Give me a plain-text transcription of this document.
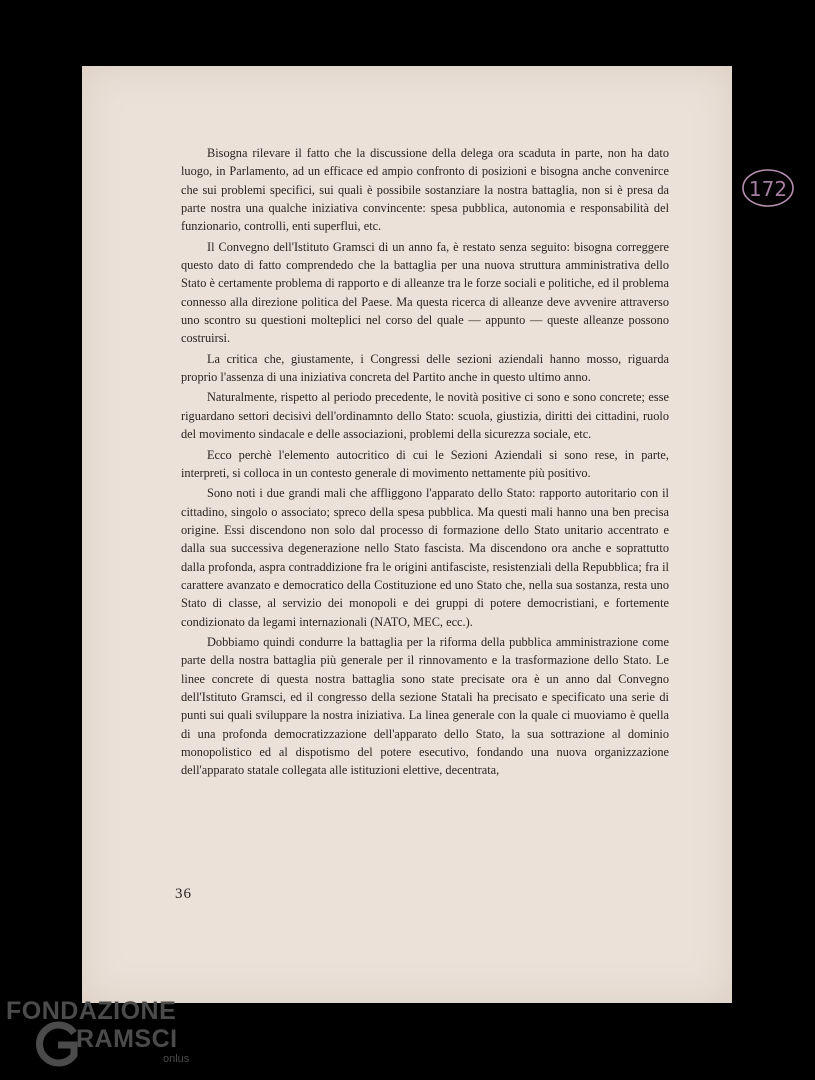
172

Bisogna rilevare il fatto che la discussione della delega ora scaduta in parte, non ha dato luogo, in Parlamento, ad un efficace ed ampio confronto di posizioni e bisogna anche convenirce che sui problemi specifici, sui quali è possibile sostanziare la nostra battaglia, non si è presa da parte nostra una qualche iniziativa convincente: spesa pubblica, autonomia e responsabilità del funzionario, controlli, enti superflui, etc.

Il Convegno dell'Istituto Gramsci di un anno fa, è restato senza seguito: bisogna correggere questo dato di fatto comprendedo che la battaglia per una nuova struttura amministrativa dello Stato è certamente problema di rapporto e di alleanze tra le forze sociali e politiche, ed il problema connesso alla direzione politica del Paese. Ma questa ricerca di alleanze deve avvenire attraverso uno scontro su questioni molteplici nel corso del quale — appunto — queste alleanze possono costruirsi.

La critica che, giustamente, i Congressi delle sezioni aziendali hanno mosso, riguarda proprio l'assenza di una iniziativa concreta del Partito anche in questo ultimo anno.

Naturalmente, rispetto al periodo precedente, le novità positive ci sono e sono concrete; esse riguardano settori decisivi dell'ordinamnto dello Stato: scuola, giustizia, diritti dei cittadini, ruolo del movimento sindacale e delle associazioni, problemi della sicurezza sociale, etc.

Ecco perchè l'elemento autocritico di cui le Sezioni Aziendali si sono rese, in parte, interpreti, si colloca in un contesto generale di movimento nettamente più positivo.

Sono noti i due grandi mali che affliggono l'apparato dello Stato: rapporto autoritario con il cittadino, singolo o associato; spreco della spesa pubblica. Ma questi mali hanno una ben precisa origine. Essi discendono non solo dal processo di formazione dello Stato unitario accentrato e dalla sua successiva degenerazione nello Stato fascista. Ma discendono ora anche e soprattutto dalla profonda, aspra contraddizione fra le origini antifasciste, resistenziali della Repubblica; fra il carattere avanzato e democratico della Costituzione ed uno Stato che, nella sua sostanza, resta uno Stato di classe, al servizio dei monopoli e dei gruppi di potere democristiani, e fortemente condizionato da legami internazionali (NATO, MEC, ecc.).

Dobbiamo quindi condurre la battaglia per la riforma della pubblica amministrazione come parte della nostra battaglia più generale per il rinnovamento e la trasformazione dello Stato. Le linee concrete di questa nostra battaglia sono state precisate ora è un anno dal Convegno dell'Istituto Gramsci, ed il congresso della sezione Statali ha precisato e specificato una serie di punti sui quali sviluppare la nostra iniziativa. La linea generale con la quale ci muoviamo è quella di una profonda democratizzazione dell'apparato dello Stato, la sua sottrazione al dominio monopolistico ed al dispotismo del potere esecutivo, fondando una nuova organizzazione dell'apparato statale collegata alle istituzioni elettive, decentrata,

36
FONDAZIONE
RAMSCI
onlus
